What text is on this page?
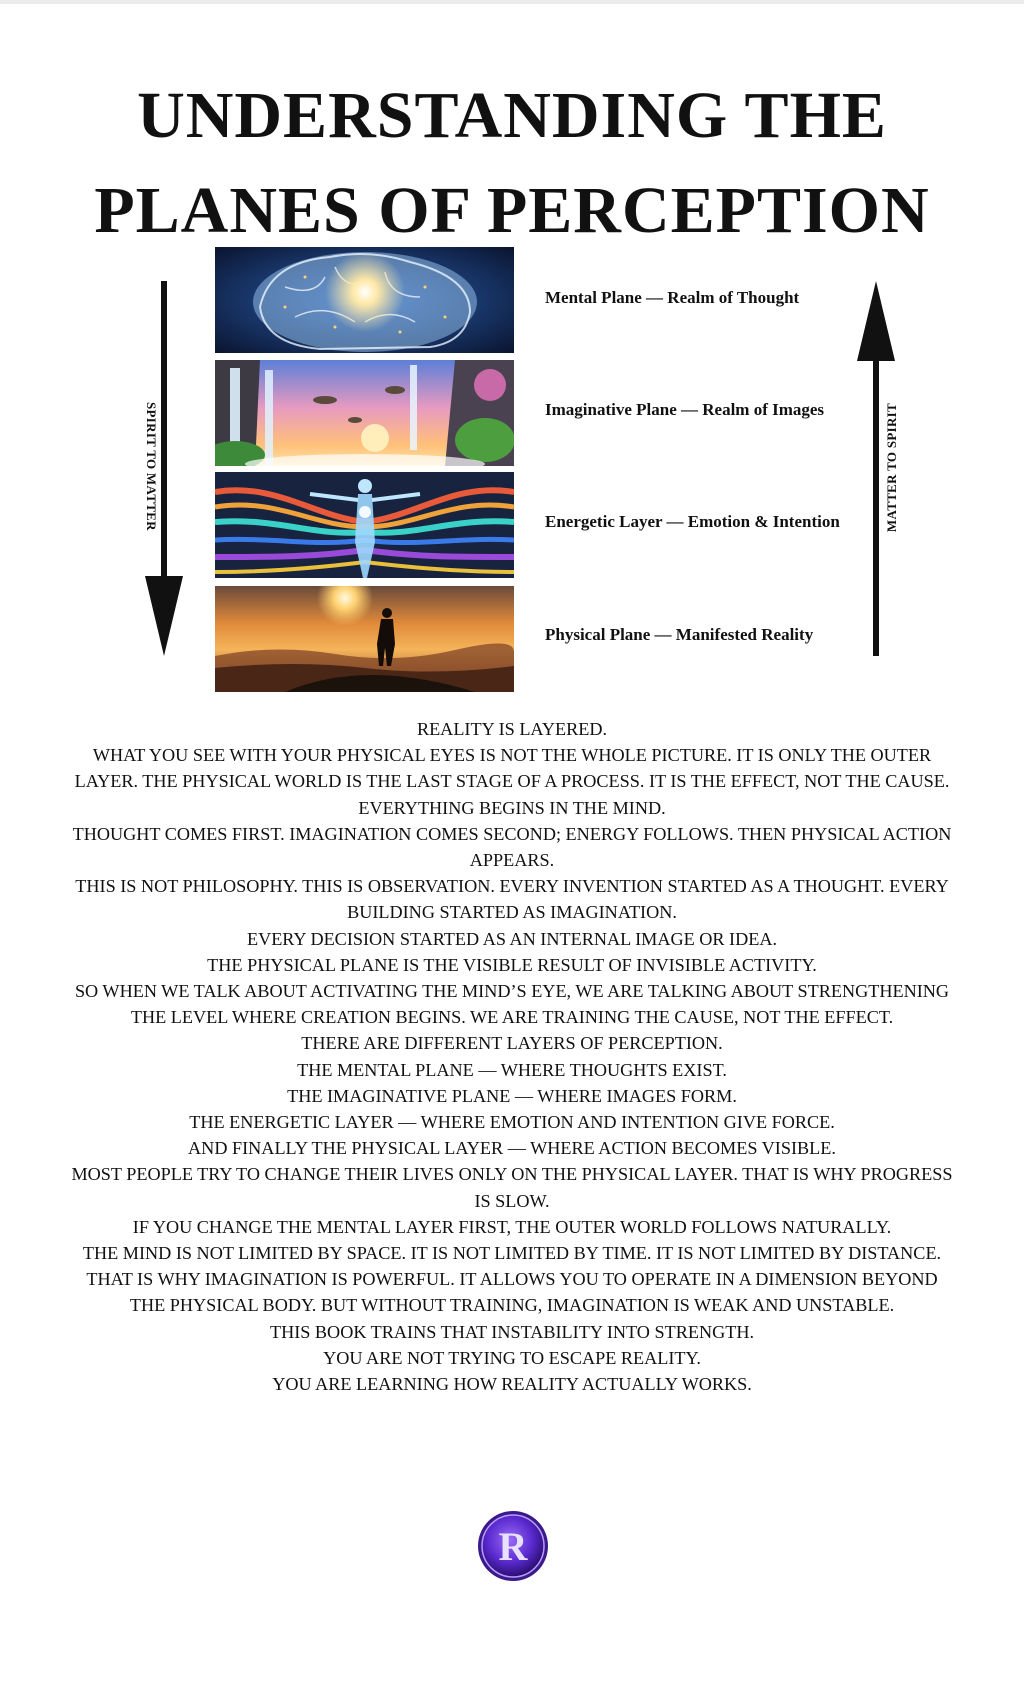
UNDERSTANDING THE
PLANES OF PERCEPTION
SPIRIT TO MATTER	MATTER TO SPIRIT
Mental Plane — Realm of Thought
Imaginative Plane — Realm of Images
Energetic Layer — Emotion & Intention
Physical Plane — Manifested Reality

REALITY IS LAYERED.

WHAT YOU SEE WITH YOUR PHYSICAL EYES IS NOT THE WHOLE PICTURE. IT IS ONLY THE OUTER LAYER. THE PHYSICAL WORLD IS THE LAST STAGE OF A PROCESS. IT IS THE EFFECT, NOT THE CAUSE.

EVERYTHING BEGINS IN THE MIND.

THOUGHT COMES FIRST. IMAGINATION COMES SECOND; ENERGY FOLLOWS. THEN PHYSICAL ACTION APPEARS.

THIS IS NOT PHILOSOPHY. THIS IS OBSERVATION. EVERY INVENTION STARTED AS A THOUGHT. EVERY BUILDING STARTED AS IMAGINATION.

EVERY DECISION STARTED AS AN INTERNAL IMAGE OR IDEA.

THE PHYSICAL PLANE IS THE VISIBLE RESULT OF INVISIBLE ACTIVITY.

SO WHEN WE TALK ABOUT ACTIVATING THE MIND’S EYE, WE ARE TALKING ABOUT STRENGTHENING THE LEVEL WHERE CREATION BEGINS. WE ARE TRAINING THE CAUSE, NOT THE EFFECT.

THERE ARE DIFFERENT LAYERS OF PERCEPTION.

THE MENTAL PLANE — WHERE THOUGHTS EXIST.

THE IMAGINATIVE PLANE — WHERE IMAGES FORM.

THE ENERGETIC LAYER — WHERE EMOTION AND INTENTION GIVE FORCE.

AND FINALLY THE PHYSICAL LAYER — WHERE ACTION BECOMES VISIBLE.

MOST PEOPLE TRY TO CHANGE THEIR LIVES ONLY ON THE PHYSICAL LAYER. THAT IS WHY PROGRESS IS SLOW.

IF YOU CHANGE THE MENTAL LAYER FIRST, THE OUTER WORLD FOLLOWS NATURALLY.

THE MIND IS NOT LIMITED BY SPACE. IT IS NOT LIMITED BY TIME. IT IS NOT LIMITED BY DISTANCE. THAT IS WHY IMAGINATION IS POWERFUL. IT ALLOWS YOU TO OPERATE IN A DIMENSION BEYOND THE PHYSICAL BODY. BUT WITHOUT TRAINING, IMAGINATION IS WEAK AND UNSTABLE.

THIS BOOK TRAINS THAT INSTABILITY INTO STRENGTH.

YOU ARE NOT TRYING TO ESCAPE REALITY.

YOU ARE LEARNING HOW REALITY ACTUALLY WORKS.

R
